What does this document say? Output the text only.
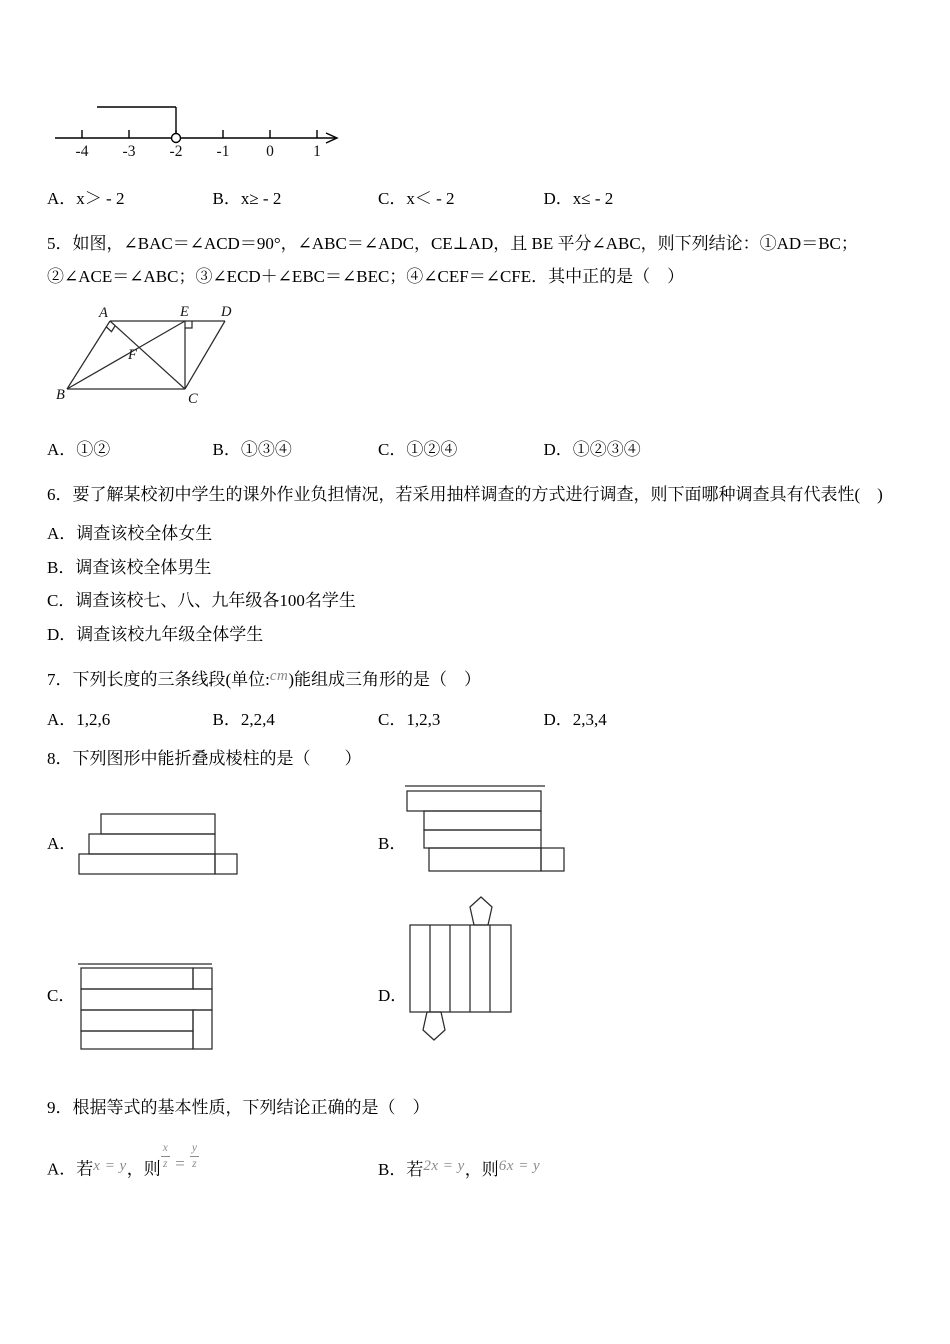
-4 -3 -2 -1 0	1
A．x＞ - 2	B．x≥ - 2	C．x＜ - 2	D．x≤ - 2
5．如图，∠BAC＝∠ACD＝90°，∠ABC＝∠ADC，CE⊥AD，且 BE 平分∠ABC，则下列结论：①AD＝BC；②∠ACE＝∠ABC；③∠ECD＋∠EBC＝∠BEC；④∠CEF＝∠CFE．其中正的是（　）
A	E D
B	C
F
A．①②	B．①③④	C．①②④	D．①②③④
6．要了解某校初中学生的课外作业负担情况，若采用抽样调查的方式进行调查，则下面哪种调查具有代表性(　)
A．调查该校全体女生
B．调查该校全体男生
C．调查该校七、八、九年级各100名学生
D．调查该校九年级全体学生
7．下列长度的三条线段(单位:cm)能组成三角形的是（　）
A．1,2,6	B．2,2,4	C．1,2,3	D．2,3,4
8．下列图形中能折叠成棱柱的是（　　）
A．	B．
C．	D．
9．根据等式的基本性质，下列结论正确的是（　）
A．若x = y，则 $\frac{x}{z} = \frac{y}{z}$	B．若2x = y，则6x = y
